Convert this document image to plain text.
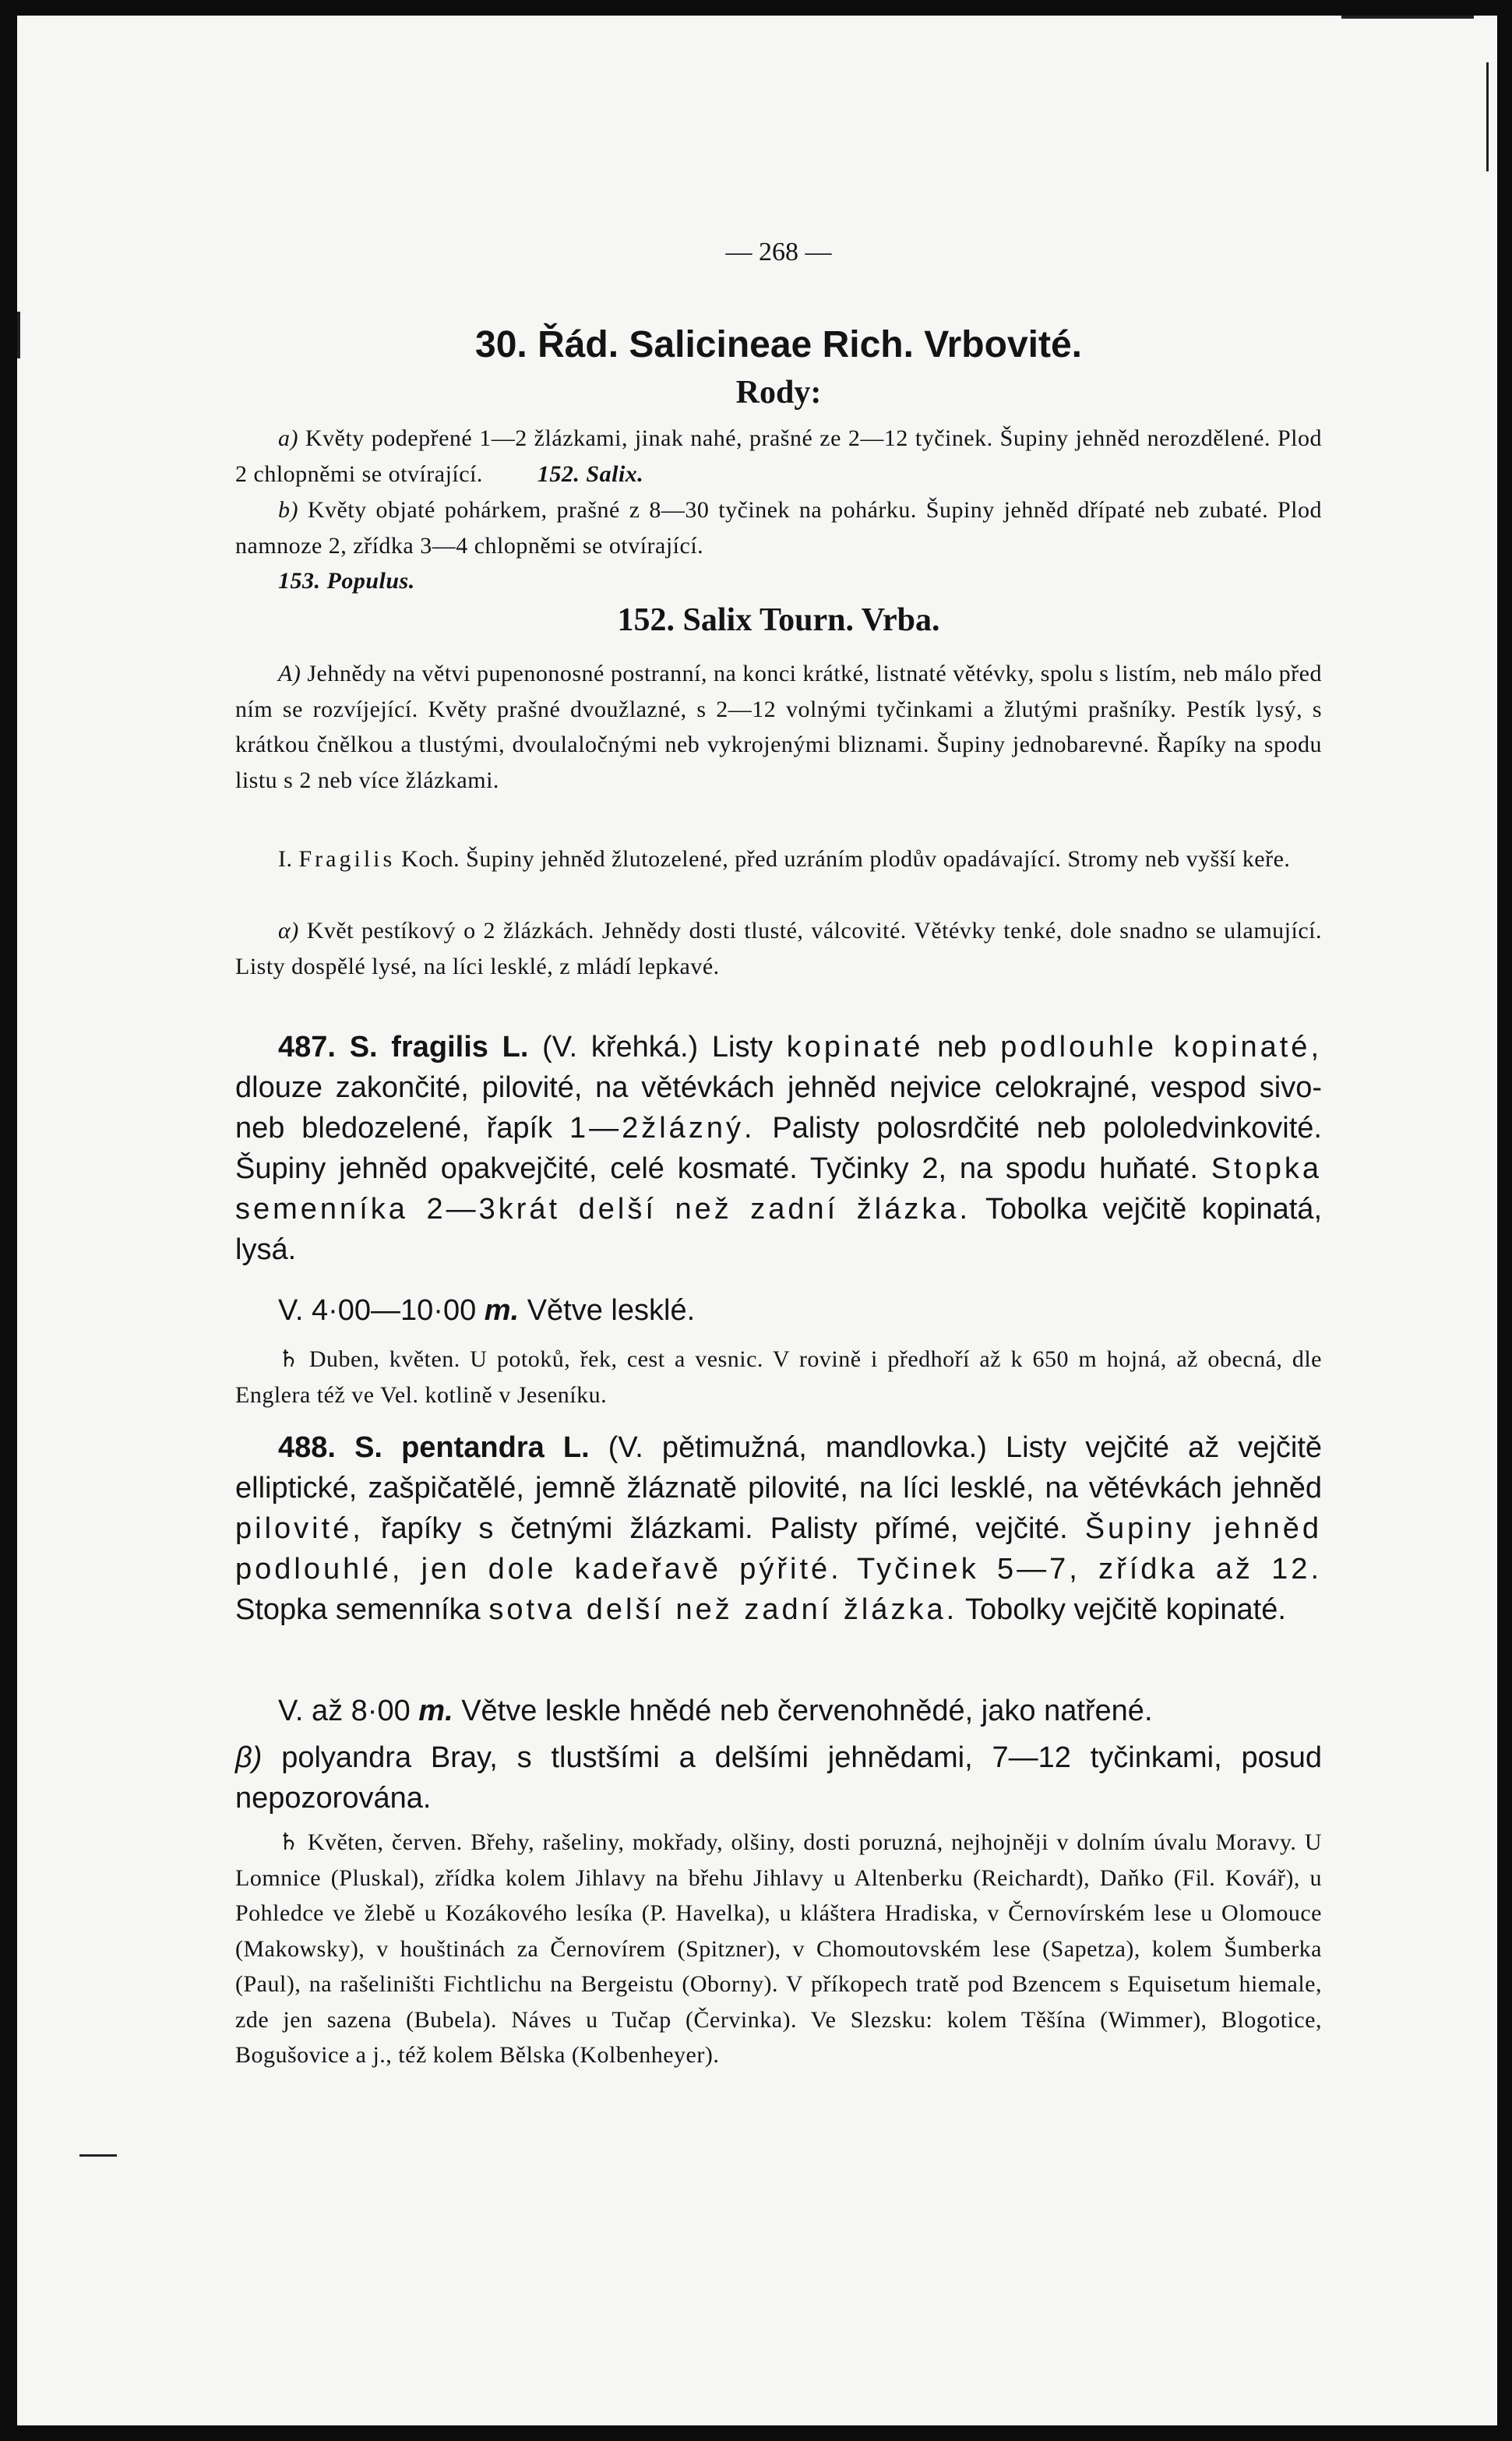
— 268 —
30. Řád. Salicineae Rich. Vrbovité.
Rody:

a) Květy podepřené 1—2 žlázkami, jinak nahé, prašné ze 2—12 tyčinek. Šupiny jehněd nerozdělené. Plod 2 chlopněmi se otvírající. 152. Salix.

b) Květy objaté pohárkem, prašné z 8—30 tyčinek na pohárku. Šupiny jehněd dřípaté neb zubaté. Plod namnoze 2, zřídka 3—4 chlopněmi se otvírající.
153. Populus.

152. Salix Tourn. Vrba.

A) Jehnědy na větvi pupenonosné postranní, na konci krátké, listnaté větévky, spolu s listím, neb málo před ním se rozvíjející. Květy prašné dvoužlazné, s 2—12 volnými tyčinkami a žlutými prašníky. Pestík lysý, s krátkou čnělkou a tlustými, dvoulaločnými neb vykrojenými bliznami. Šupiny jednobarevné. Řapíky na spodu listu s 2 neb více žlázkami.

I. Fragilis Koch. Šupiny jehněd žlutozelené, před uzráním plodův opadávající. Stromy neb vyšší keře.

α) Květ pestíkový o 2 žlázkách. Jehnědy dosti tlusté, válcovité. Větévky tenké, dole snadno se ulamující. Listy dospělé lysé, na líci lesklé, z mládí lepkavé.

487. S. fragilis L. (V. křehká.) Listy kopinaté neb podlouhle kopinaté, dlouze zakončité, pilovité, na větévkách jehněd nejvice celokrajné, vespod sivo- neb bledozelené, řapík 1—2žlázný. Palisty polosrdčité neb pololedvinkovité. Šupiny jehněd opakvejčité, celé kosmaté. Tyčinky 2, na spodu huňaté. Stopka semenníka 2—3krát delší než zadní žlázka. Tobolka vejčitě kopinatá, lysá.

V. 4·00—10·00 m. Větve lesklé.

♄ Duben, květen. U potoků, řek, cest a vesnic. V rovině i předhoří až k 650 m hojná, až obecná, dle Englera též ve Vel. kotlině v Jeseníku.

488. S. pentandra L. (V. pětimužná, mandlovka.) Listy vejčité až vejčitě elliptické, zašpičatělé, jemně žláznatě pilovité, na líci lesklé, na větévkách jehněd pilovité, řapíky s četnými žlázkami. Palisty přímé, vejčité. Šupiny jehněd podlouhlé, jen dole kadeřavě pýřité. Tyčinek 5—7, zřídka až 12. Stopka semenníka sotva delší než zadní žlázka. Tobolky vejčitě kopinaté.

V. až 8·00 m. Větve leskle hnědé neb červenohnědé, jako natřené.

β) polyandra Bray, s tlustšími a delšími jehnědami, 7—12 tyčinkami, posud nepozorována.

♄ Květen, červen. Břehy, rašeliny, mokřady, olšiny, dosti poruzná, nejhojněji v dolním úvalu Moravy. U Lomnice (Pluskal), zřídka kolem Jihlavy na břehu Jihlavy u Altenberku (Reichardt), Daňko (Fil. Kovář), u Pohledce ve žlebě u Kozákového lesíka (P. Havelka), u kláštera Hradiska, v Černovírském lese u Olomouce (Makowsky), v houštinách za Černovírem (Spitzner), v Chomoutovském lese (Sapetza), kolem Šumberka (Paul), na rašeliništi Fichtlichu na Bergeistu (Oborny). V příkopech tratě pod Bzencem s Equisetum hiemale, zde jen sazena (Bubela). Náves u Tučap (Červinka). Ve Slezsku: kolem Těšína (Wimmer), Blogotice, Bogušovice a j., též kolem Bělska (Kolbenheyer).
